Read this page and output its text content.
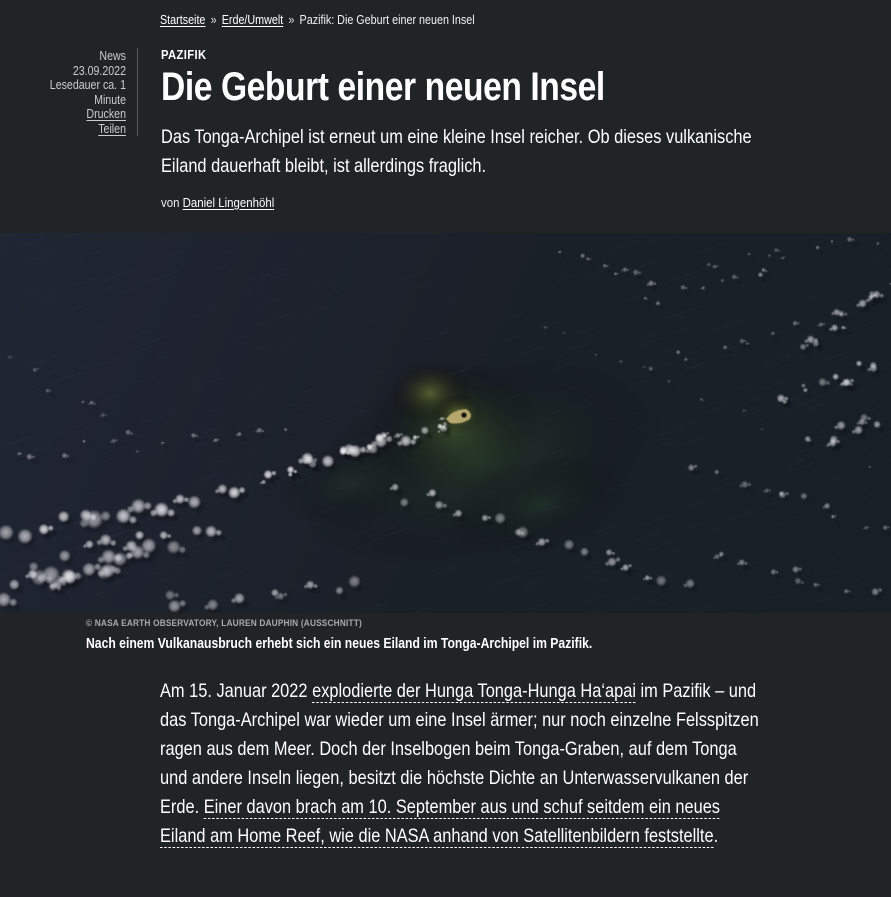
Startseite » Erde/Umwelt » Pazifik: Die Geburt einer neuen Insel
News
23.09.2022
Lesedauer ca. 1 Minute
Drucken
Teilen
PAZIFIK
Die Geburt einer neuen Insel

Das Tonga-Archipel ist erneut um eine kleine Insel reicher. Ob dieses vulkanische Eiland dauerhaft bleibt, ist allerdings fraglich.

von Daniel Lingenhöhl

© NASA EARTH OBSERVATORY, LAUREN DAUPHIN (AUSSCHNITT)
Nach einem Vulkanausbruch erhebt sich ein neues Eiland im Tonga-Archipel im Pazifik.

Am 15. Januar 2022 explodierte der Hunga Tonga-Hunga Ha‘apai im Pazifik – und das Tonga-Archipel war wieder um eine Insel ärmer; nur noch einzelne Felsspitzen ragen aus dem Meer. Doch der Inselbogen beim Tonga-Graben, auf dem Tonga und andere Inseln liegen, besitzt die höchste Dichte an Unterwasservulkanen der Erde. Einer davon brach am 10. September aus und schuf seitdem ein neues Eiland am Home Reef, wie die NASA anhand von Satellitenbildern feststellte.
